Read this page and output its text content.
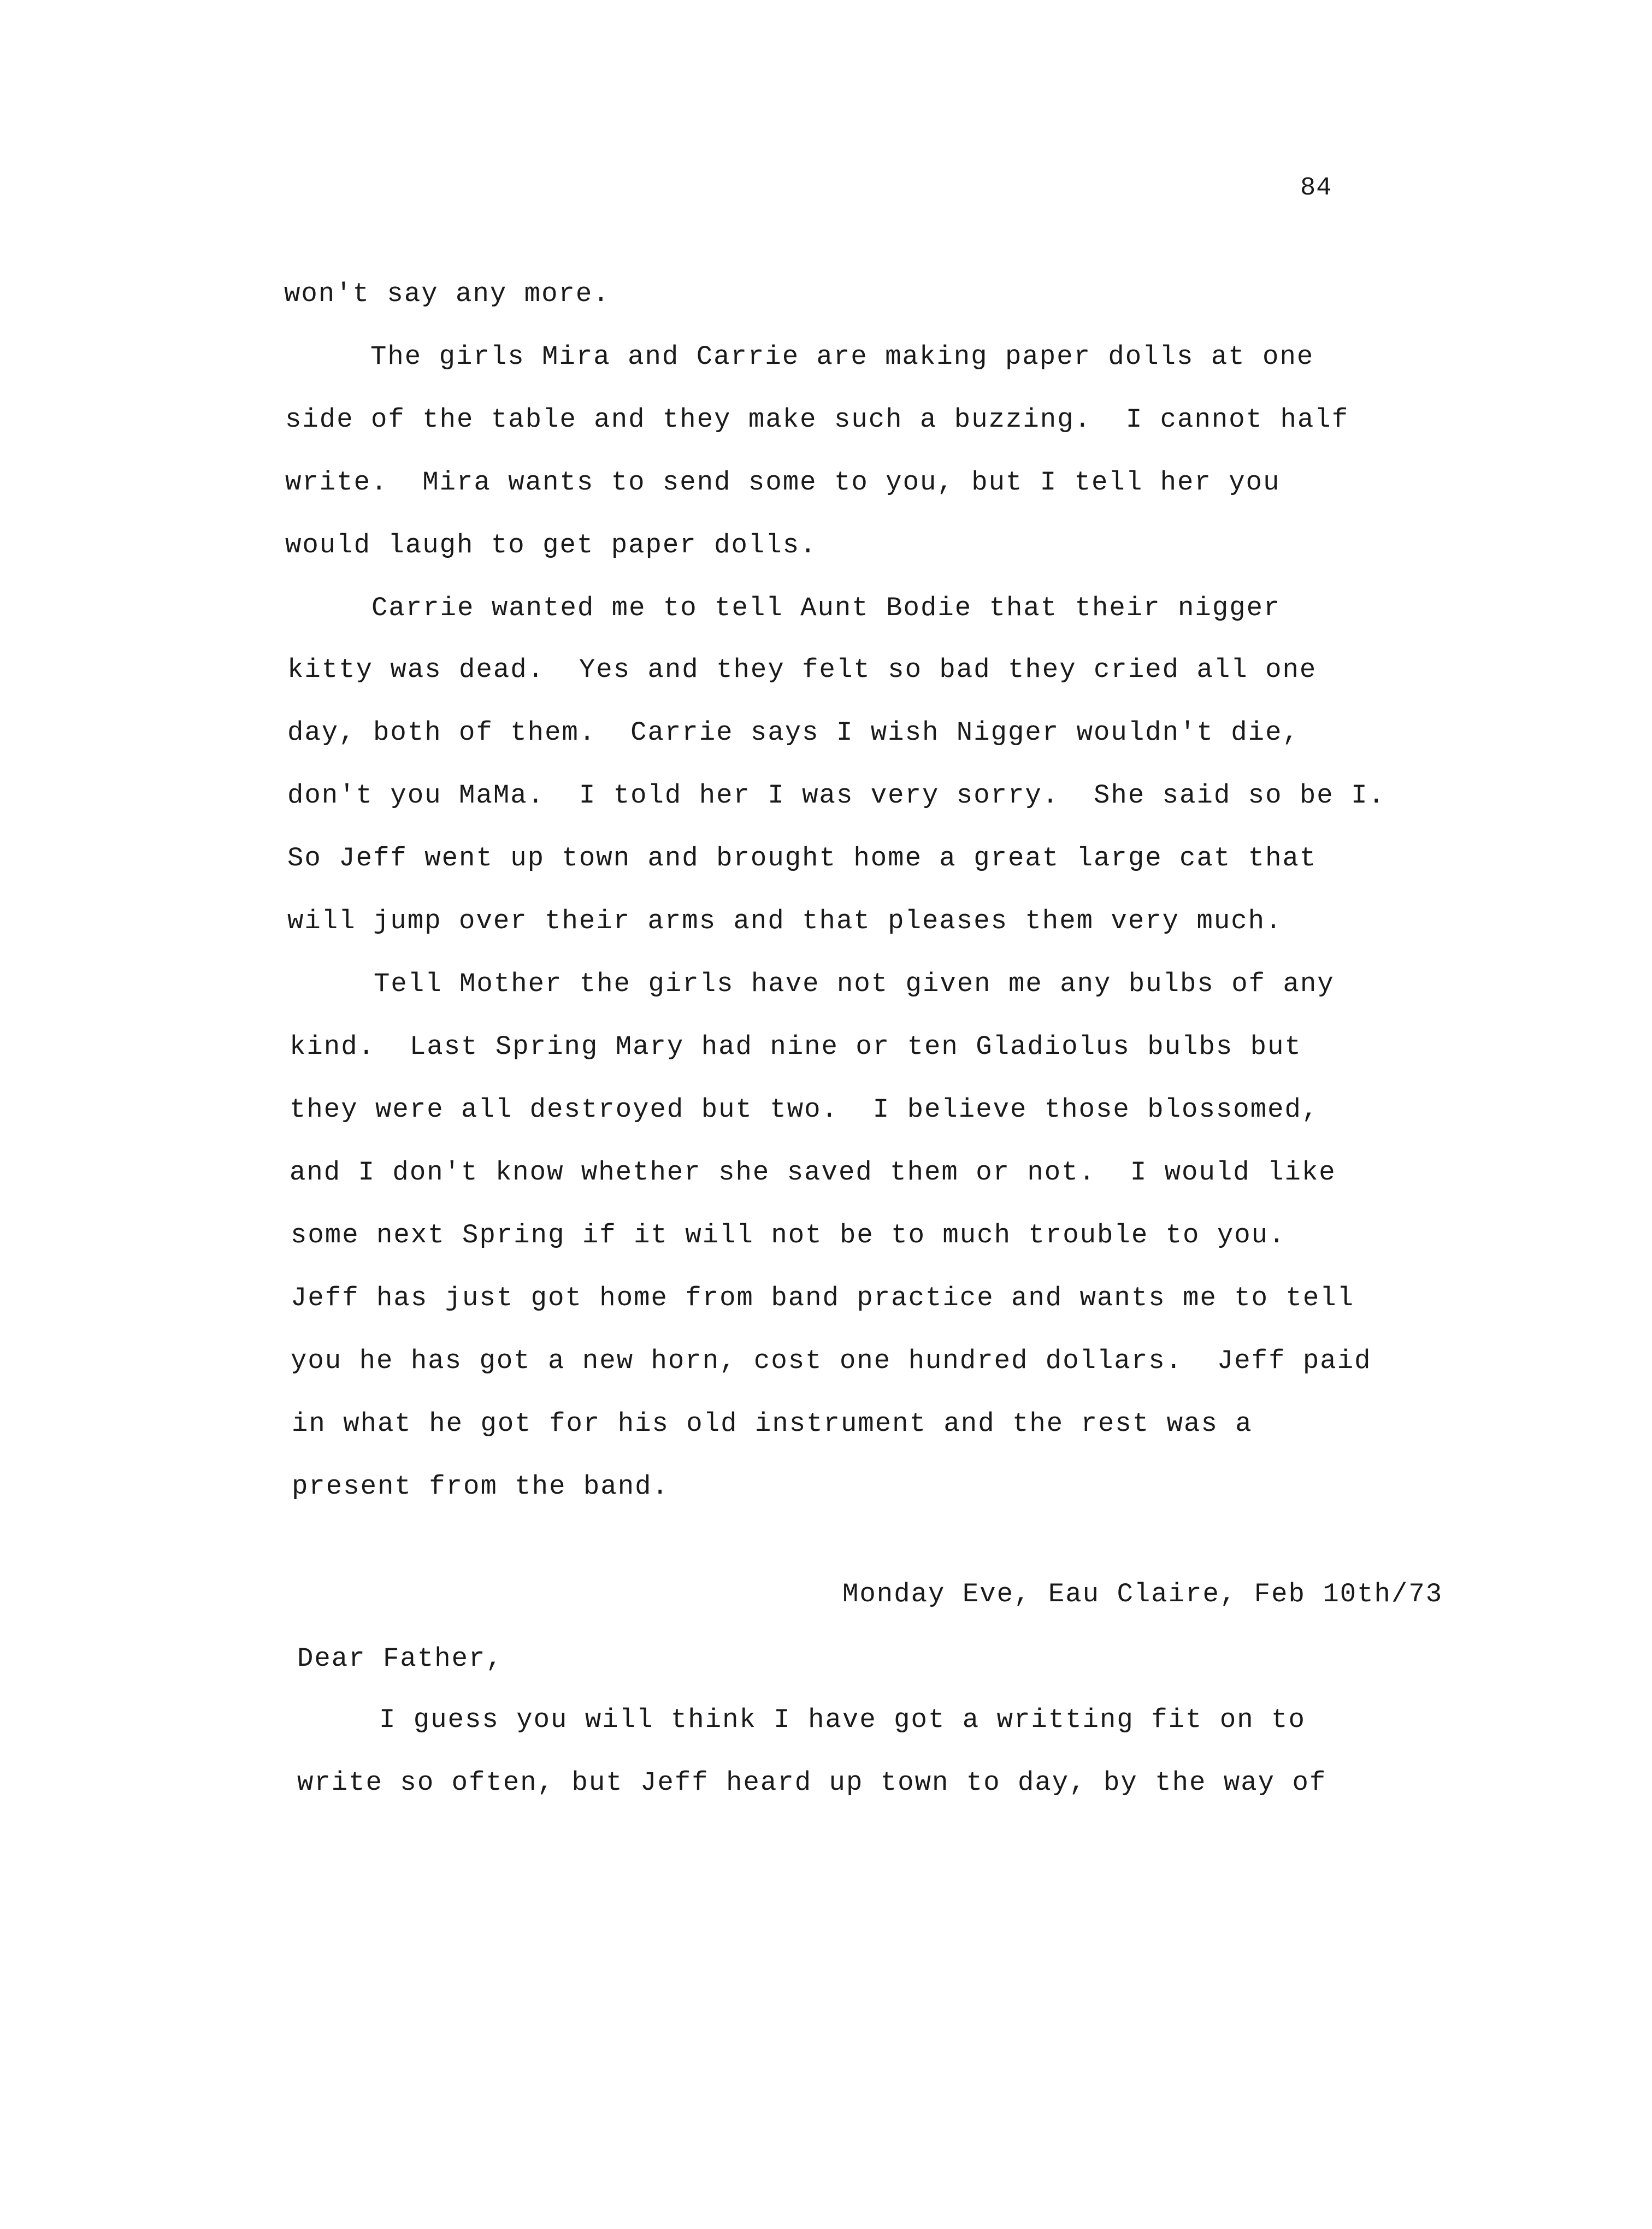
84
won't say any more.
The girls Mira and Carrie are making paper dolls at one
side of the table and they make such a buzzing.  I cannot half
write.  Mira wants to send some to you, but I tell her you
would laugh to get paper dolls.
Carrie wanted me to tell Aunt Bodie that their nigger
kitty was dead.  Yes and they felt so bad they cried all one
day, both of them.  Carrie says I wish Nigger wouldn't die,
don't you MaMa.  I told her I was very sorry.  She said so be I.
So Jeff went up town and brought home a great large cat that
will jump over their arms and that pleases them very much.
Tell Mother the girls have not given me any bulbs of any
kind.  Last Spring Mary had nine or ten Gladiolus bulbs but
they were all destroyed but two.  I believe those blossomed,
and I don't know whether she saved them or not.  I would like
some next Spring if it will not be to much trouble to you.
Jeff has just got home from band practice and wants me to tell
you he has got a new horn, cost one hundred dollars.  Jeff paid
in what he got for his old instrument and the rest was a
present from the band.
Monday Eve, Eau Claire, Feb 10th/73
Dear Father,
I guess you will think I have got a writting fit on to
write so often, but Jeff heard up town to day, by the way of
